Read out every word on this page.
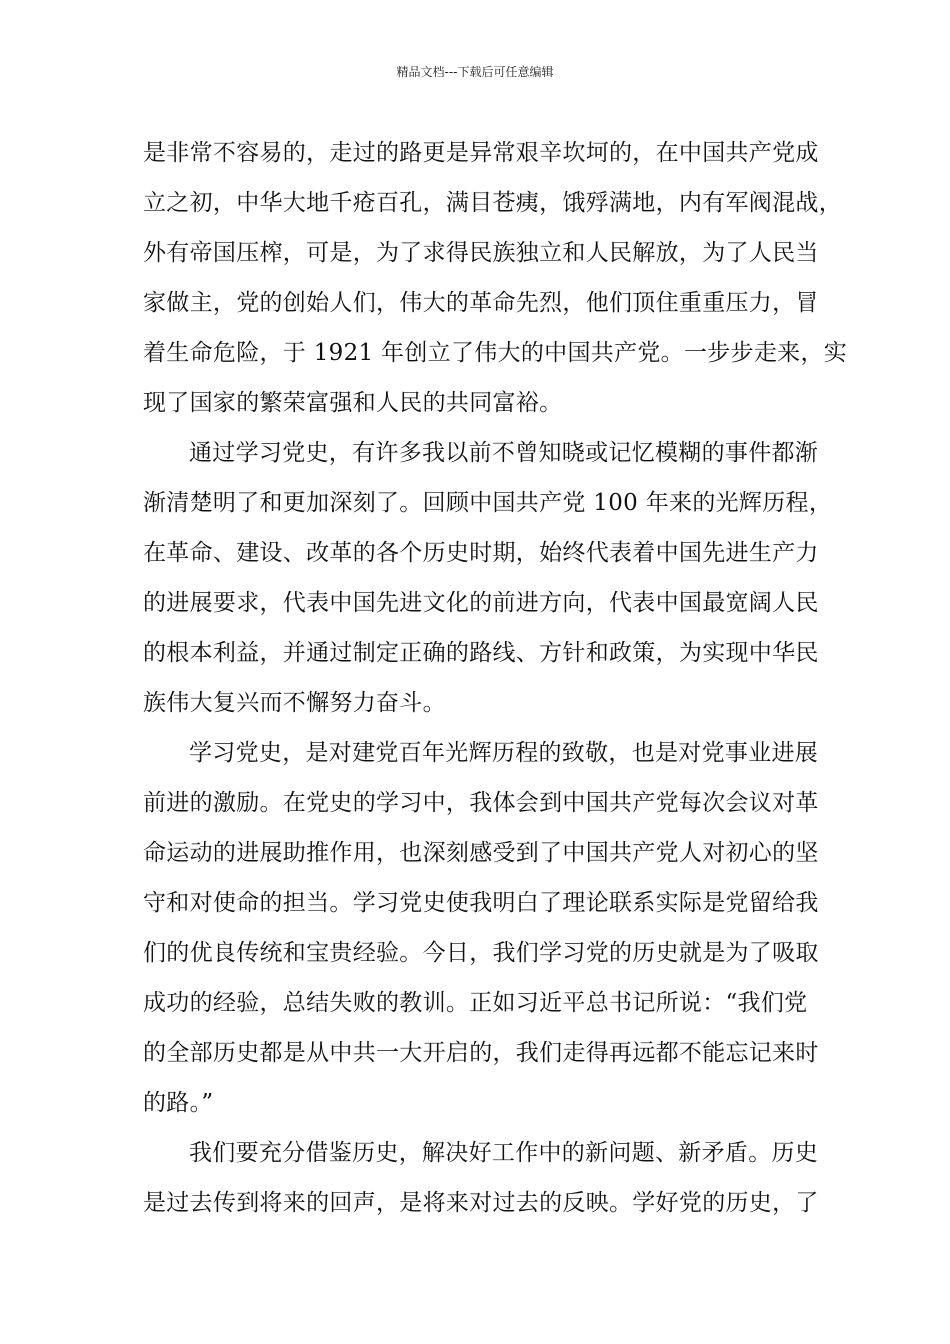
精品文档---下载后可任意编辑
是非常不容易的，走过的路更是异常艰辛坎坷的，在中国共产党成
立之初，中华大地千疮百孔，满目苍痍，饿殍满地，内有军阀混战，
外有帝国压榨，可是，为了求得民族独立和人民解放，为了人民当
家做主，党的创始人们，伟大的革命先烈，他们顶住重重压力，冒
着生命危险，于 1921 年创立了伟大的中国共产党。一步步走来，实
现了国家的繁荣富强和人民的共同富裕。
通过学习党史，有许多我以前不曾知晓或记忆模糊的事件都渐
渐清楚明了和更加深刻了。回顾中国共产党 100 年来的光辉历程，
在革命、建设、改革的各个历史时期，始终代表着中国先进生产力
的进展要求，代表中国先进文化的前进方向，代表中国最宽阔人民
的根本利益，并通过制定正确的路线、方针和政策，为实现中华民
族伟大复兴而不懈努力奋斗。
学习党史，是对建党百年光辉历程的致敬，也是对党事业进展
前进的激励。在党史的学习中，我体会到中国共产党每次会议对革
命运动的进展助推作用，也深刻感受到了中国共产党人对初心的坚
守和对使命的担当。学习党史使我明白了理论联系实际是党留给我
们的优良传统和宝贵经验。今日，我们学习党的历史就是为了吸取
成功的经验，总结失败的教训。正如习近平总书记所说：“我们党
的全部历史都是从中共一大开启的，我们走得再远都不能忘记来时
的路。”
我们要充分借鉴历史，解决好工作中的新问题、新矛盾。历史
是过去传到将来的回声，是将来对过去的反映。学好党的历史，了
